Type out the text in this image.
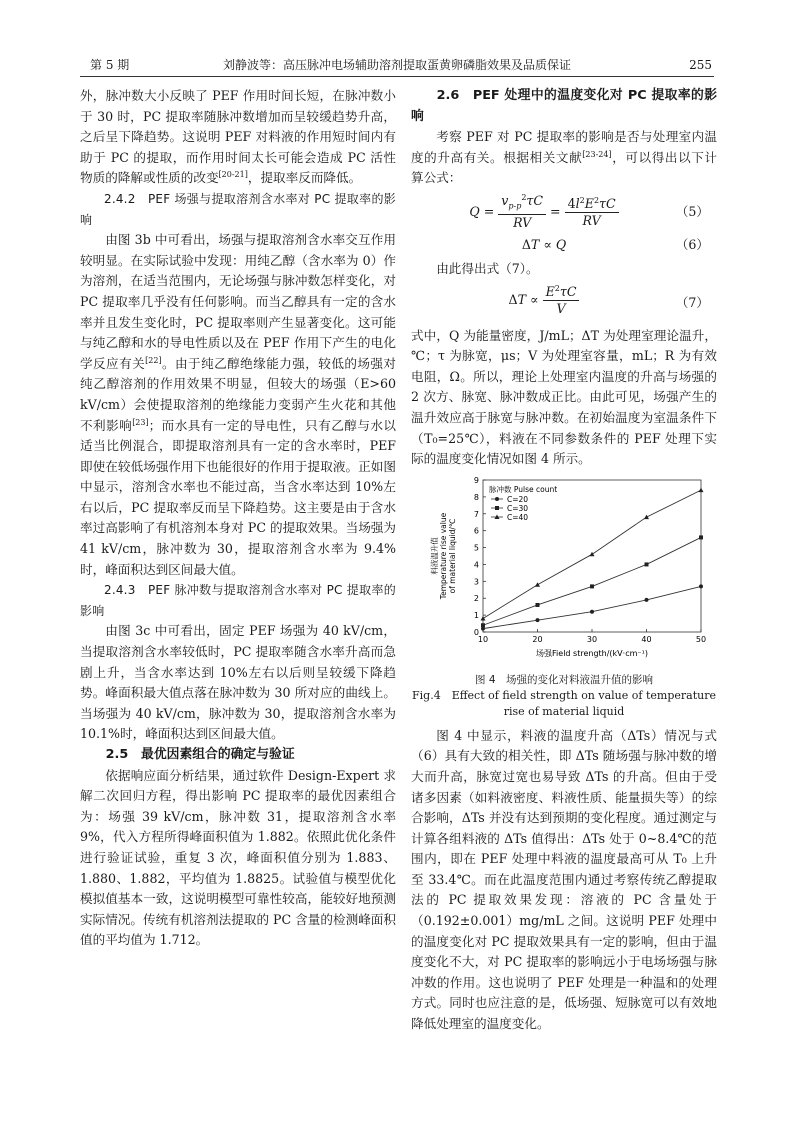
第 5 期	刘静波等：高压脉冲电场辅助溶剂提取蛋黄卵磷脂效果及品质保证	255

外，脉冲数大小反映了 PEF 作用时间长短，在脉冲数小于 30 时，PC 提取率随脉冲数增加而呈较缓趋势升高，之后呈下降趋势。这说明 PEF 对料液的作用短时间内有助于 PC 的提取，而作用时间太长可能会造成 PC 活性物质的降解或性质的改变[20-21]，提取率反而降低。

2.4.2　PEF 场强与提取溶剂含水率对 PC 提取率的影响

由图 3b 中可看出，场强与提取溶剂含水率交互作用较明显。在实际试验中发现：用纯乙醇（含水率为 0）作为溶剂，在适当范围内，无论场强与脉冲数怎样变化，对 PC 提取率几乎没有任何影响。而当乙醇具有一定的含水率并且发生变化时，PC 提取率则产生显著变化。这可能与纯乙醇和水的导电性质以及在 PEF 作用下产生的电化学反应有关[22]。由于纯乙醇绝缘能力强，较低的场强对纯乙醇溶剂的作用效果不明显，但较大的场强（E>60 kV/cm）会使提取溶剂的绝缘能力变弱产生火花和其他不利影响[23]；而水具有一定的导电性，只有乙醇与水以适当比例混合，即提取溶剂具有一定的含水率时，PEF 即使在较低场强作用下也能很好的作用于提取液。正如图中显示，溶剂含水率也不能过高，当含水率达到 10%左右以后，PC 提取率反而呈下降趋势。这主要是由于含水率过高影响了有机溶剂本身对 PC 的提取效果。当场强为 41 kV/cm，脉冲数为 30，提取溶剂含水率为 9.4%时，峰面积达到区间最大值。

2.4.3　PEF 脉冲数与提取溶剂含水率对 PC 提取率的影响

由图 3c 中可看出，固定 PEF 场强为 40 kV/cm，当提取溶剂含水率较低时，PC 提取率随含水率升高而急剧上升，当含水率达到 10%左右以后则呈较缓下降趋势。峰面积最大值点落在脉冲数为 30 所对应的曲线上。当场强为 40 kV/cm，脉冲数为 30，提取溶剂含水率为 10.1%时，峰面积达到区间最大值。

2.5　最优因素组合的确定与验证

依据响应面分析结果，通过软件 Design-Expert 求解二次回归方程，得出影响 PC 提取率的最优因素组合为：场强 39 kV/cm，脉冲数 31，提取溶剂含水率 9%，代入方程所得峰面积值为 1.882。依照此优化条件进行验证试验，重复 3 次，峰面积值分别为 1.883、1.880、1.882，平均值为 1.8825。试验值与模型优化模拟值基本一致，这说明模型可靠性较高，能较好地预测实际情况。传统有机溶剂法提取的 PC 含量的检测峰面积值的平均值为 1.712。

2.6　PEF 处理中的温度变化对 PC 提取率的影响

考察 PEF 对 PC 提取率的影响是否与处理室内温度的升高有关。根据相关文献[23-24]，可以得出以下计算公式：

$Q = \frac{v_{p-p}^2\tau C}{RV} = \frac{4l^2E^2\tau C}{RV}$	（5）
ΔT ∝ Q	（6）

由此得出式（7）。

$\Delta T \propto \frac{E^2\tau C}{V}$	（7）

式中，Q 为能量密度，J/mL；ΔT 为处理室理论温升，℃；τ 为脉宽，μs；V 为处理室容量，mL；R 为有效电阻，Ω。所以，理论上处理室内温度的升高与场强的 2 次方、脉宽、脉冲数成正比。由此可见，场强产生的温升效应高于脉宽与脉冲数。在初始温度为室温条件下（T₀=25℃），料液在不同参数条件的 PEF 处理下实际的温度变化情况如图 4 所示。

0
1
2
3
4
5
6
7
8
9
10	20	30	40	50
场强Field strength/(kV·cm⁻¹)
料液温升值Temperature rise valueof material liquid/℃
脉冲数 Pulse count
C=20
C=30
C=40
图 4　场强的变化对料液温升值的影响
Fig.4　Effect of field strength on value of temperature rise of material liquid

图 4 中显示，料液的温度升高（ΔTs）情况与式（6）具有大致的相关性，即 ΔTs 随场强与脉冲数的增大而升高，脉宽过宽也易导致 ΔTs 的升高。但由于受诸多因素（如料液密度、料液性质、能量损失等）的综合影响，ΔTs 并没有达到预期的变化程度。通过测定与计算各组料液的 ΔTs 值得出：ΔTs 处于 0~8.4℃的范围内，即在 PEF 处理中料液的温度最高可从 T₀ 上升至 33.4℃。而在此温度范围内通过考察传统乙醇提取法的 PC 提取效果发现：溶液的 PC 含量处于（0.192±0.001）mg/mL 之间。这说明 PEF 处理中的温度变化对 PC 提取效果具有一定的影响，但由于温度变化不大，对 PC 提取率的影响远小于电场场强与脉冲数的作用。这也说明了 PEF 处理是一种温和的处理方式。同时也应注意的是，低场强、短脉宽可以有效地降低处理室的温度变化。
